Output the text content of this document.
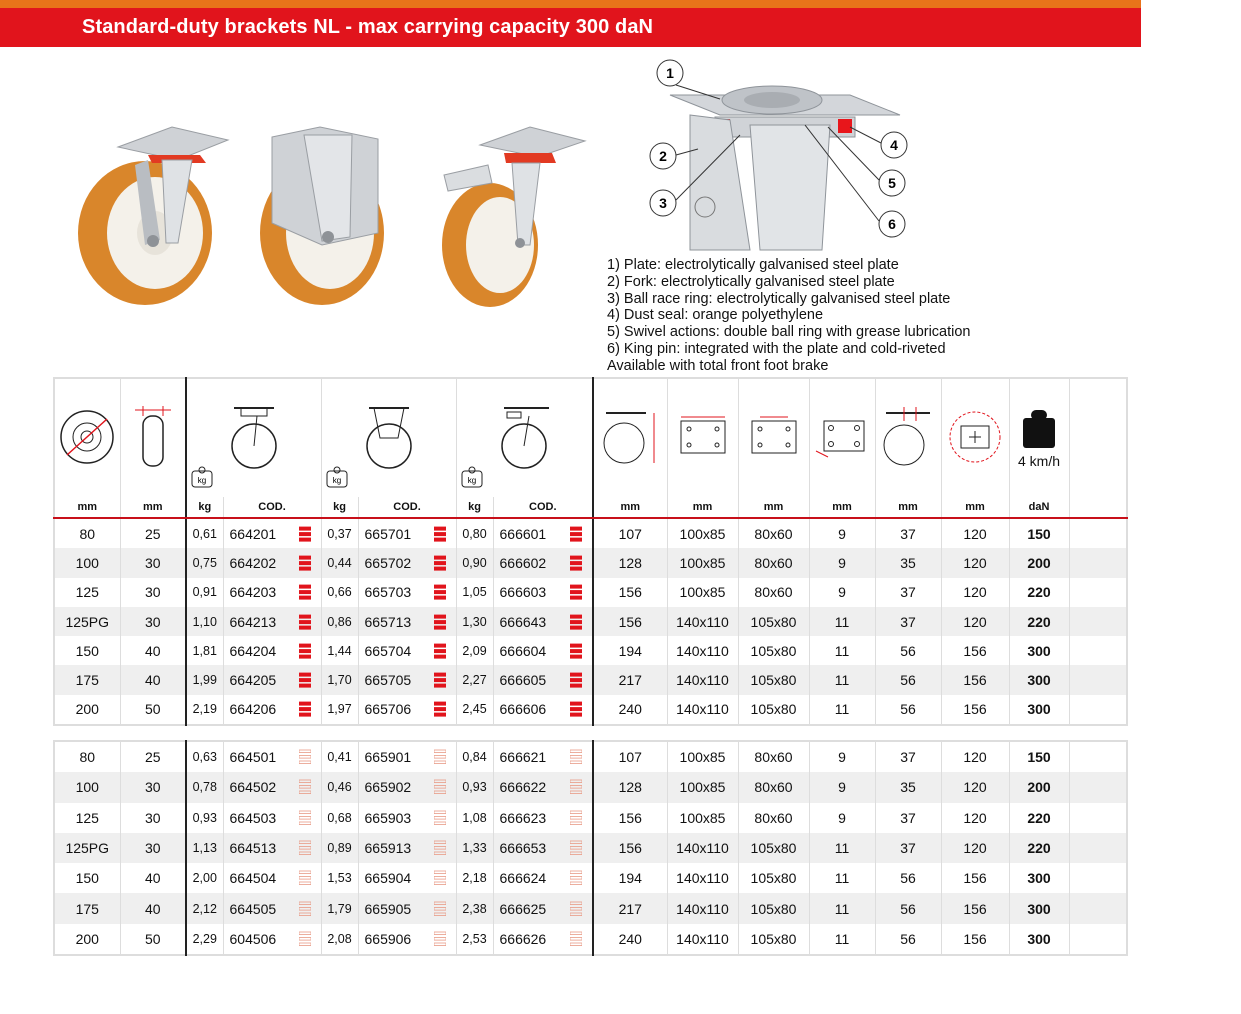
Standard-duty brackets NL - max carrying capacity 300 daN
1
2
3
4
5
6
1) Plate: electrolytically galvanised steel plate
2) Fork: electrolytically galvanised steel plate
3) Ball race ring: electrolytically galvanised steel plate
4) Dust seal: orange polyethylene
5) Swivel actions: double ball ring with grease lubrication
6) King pin: integrated with the plate and cold-riveted
Available with total front foot brake

kg		kg		kg								4 km/h	

mm	mm	kg	COD.	kg	COD.	kg	COD.	mm	mm	mm	mm	mm	mm	daN	
80	25	0,61	664201	0,37	665701	0,80	666601	107	100x85	80x60	9	37	120	150	
100	30	0,75	664202	0,44	665702	0,90	666602	128	100x85	80x60	9	35	120	200	
125	30	0,91	664203	0,66	665703	1,05	666603	156	100x85	80x60	9	37	120	220	
125PG	30	1,10	664213	0,86	665713	1,30	666643	156	140x110	105x80	11	37	120	220	
150	40	1,81	664204	1,44	665704	2,09	666604	194	140x110	105x80	11	56	156	300	
175	40	1,99	664205	1,70	665705	2,27	666605	217	140x110	105x80	11	56	156	300	
200	50	2,19	664206	1,97	665706	2,45	666606	240	140x110	105x80	11	56	156	300	
80	25	0,63	664501	0,41	665901	0,84	666621	107	100x85	80x60	9	37	120	150	
100	30	0,78	664502	0,46	665902	0,93	666622	128	100x85	80x60	9	35	120	200	
125	30	0,93	664503	0,68	665903	1,08	666623	156	100x85	80x60	9	37	120	220	
125PG	30	1,13	664513	0,89	665913	1,33	666653	156	140x110	105x80	11	37	120	220	
150	40	2,00	664504	1,53	665904	2,18	666624	194	140x110	105x80	11	56	156	300	
175	40	2,12	664505	1,79	665905	2,38	666625	217	140x110	105x80	11	56	156	300	
200	50	2,29	604506	2,08	665906	2,53	666626	240	140x110	105x80	11	56	156	300	
